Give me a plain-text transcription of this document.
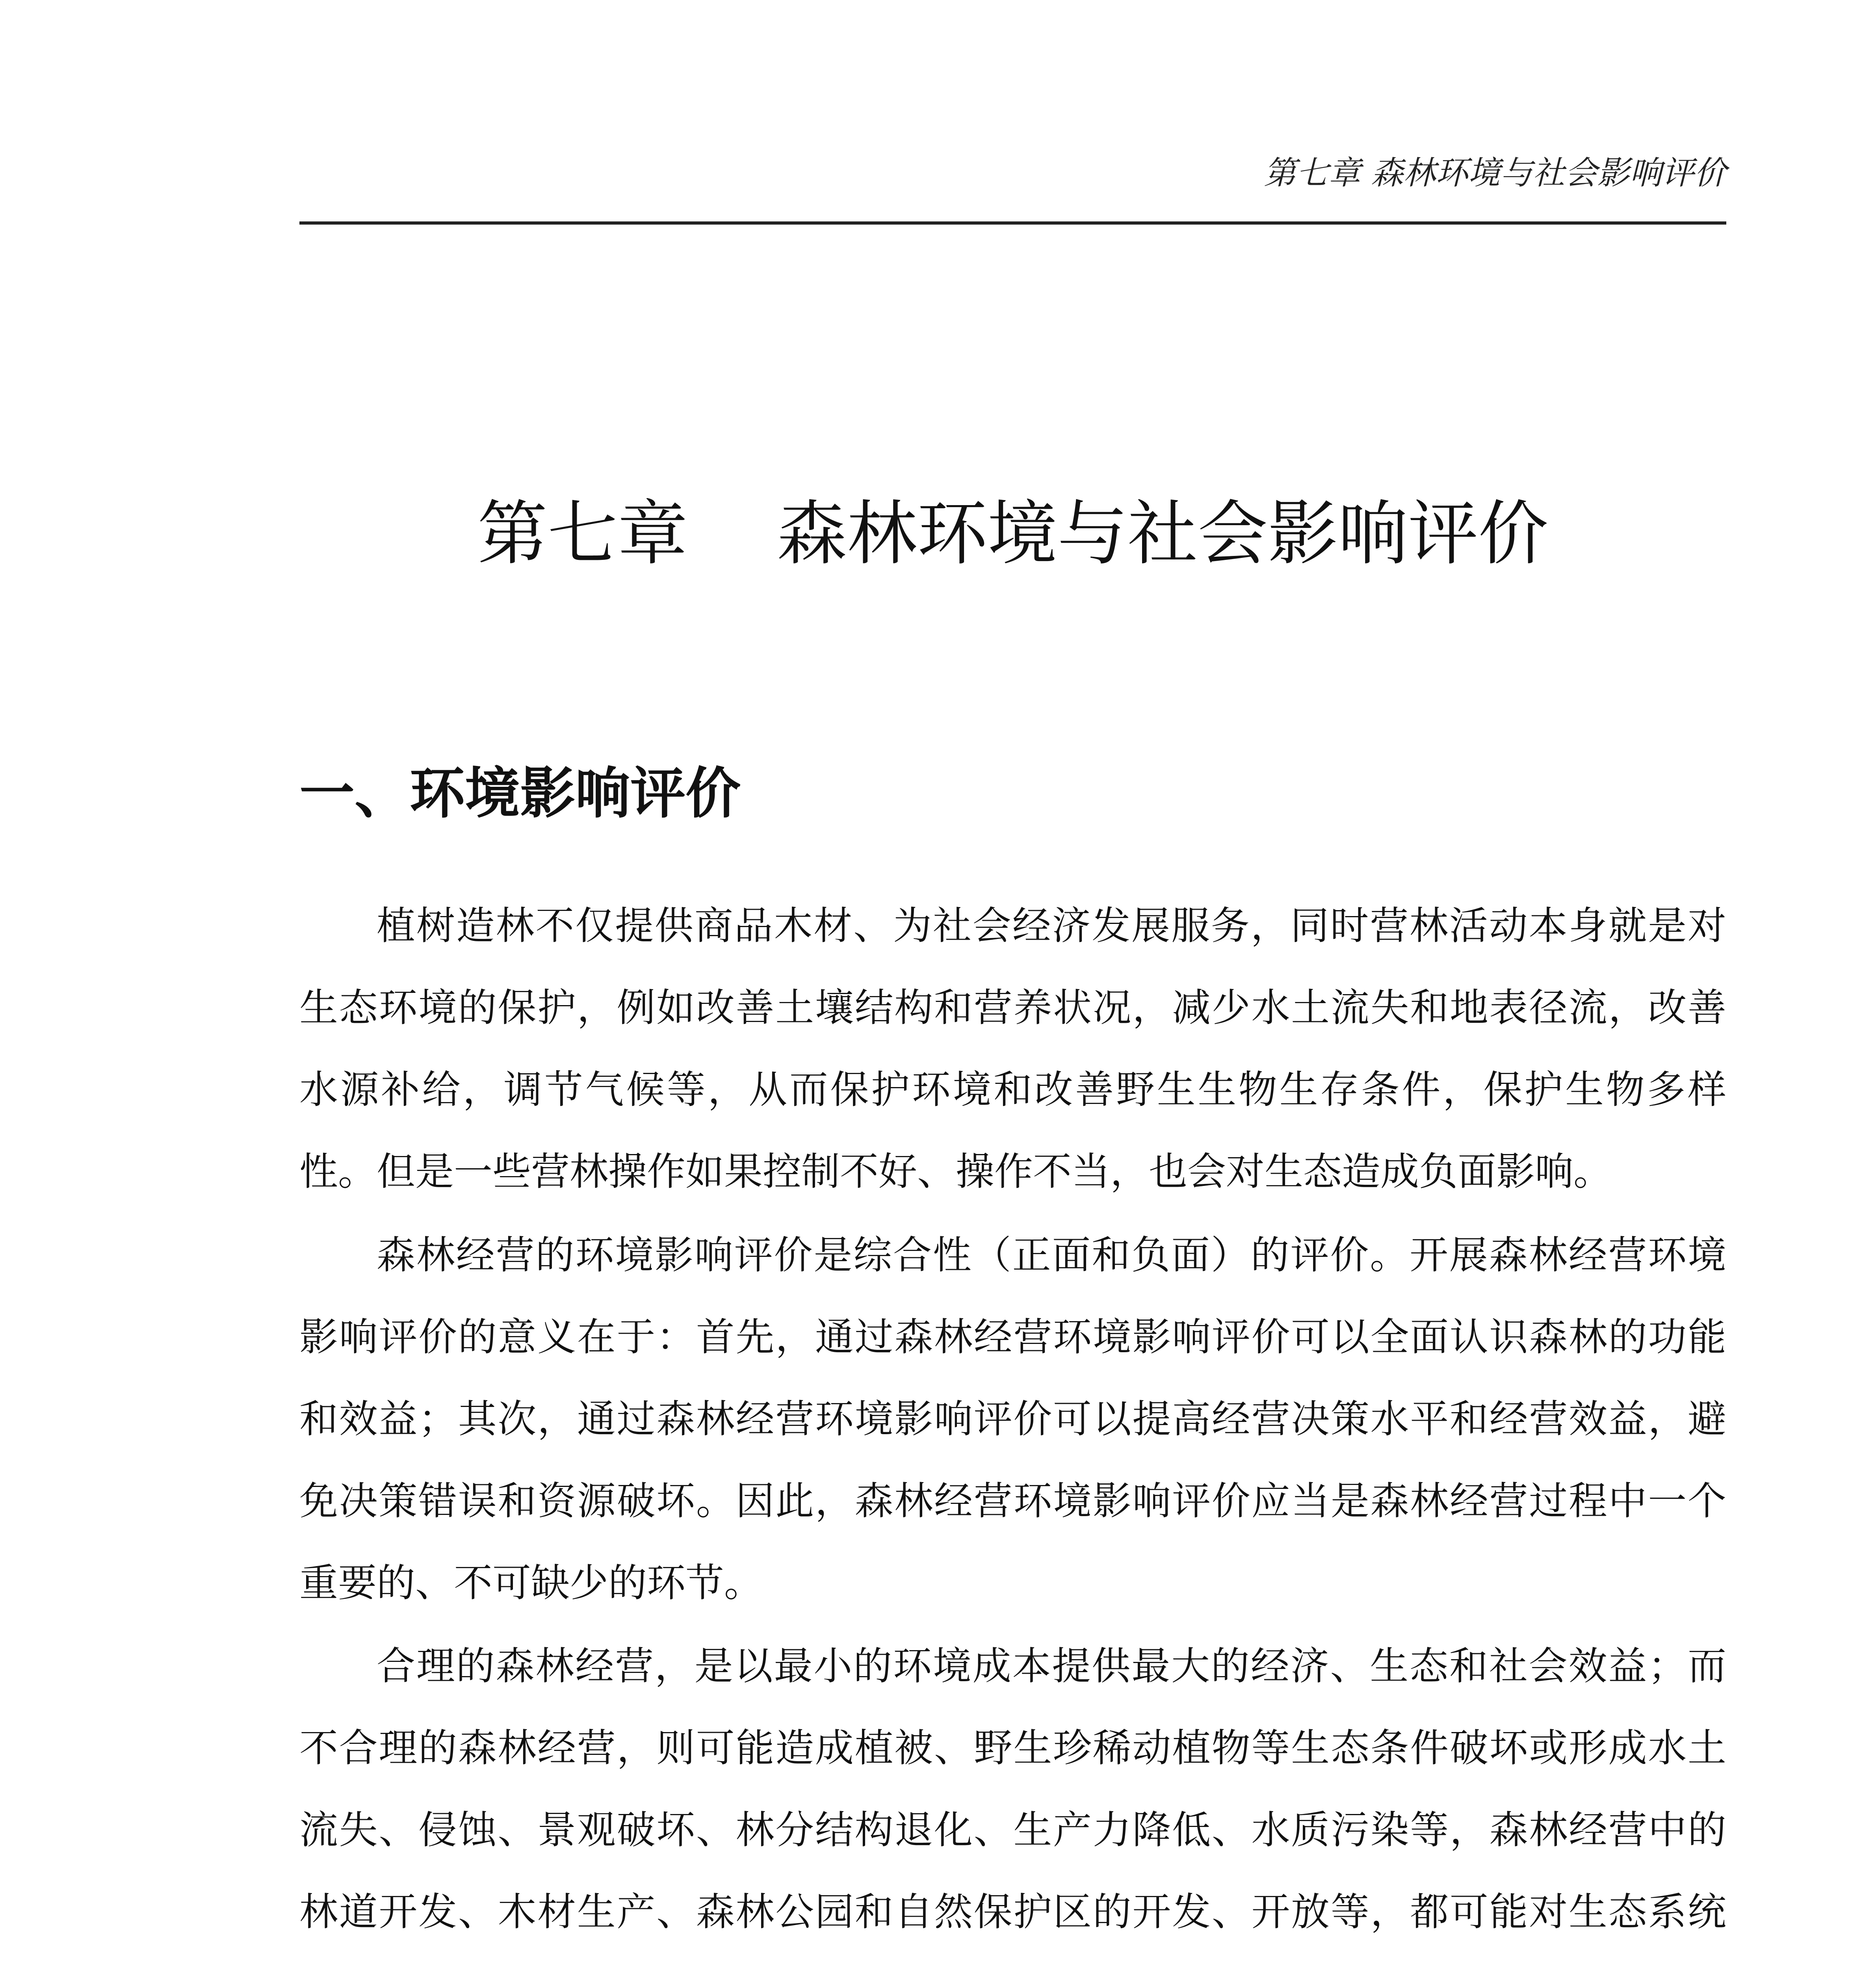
第七章 森林环境与社会影响评价
第七章    森林环境与社会影响评价
一、环境影响评价

植树造林不仅提供商品木材、为社会经济发展服务，同时营林活动本身就是对生态环境的保护，例如改善土壤结构和营养状况，减少水土流失和地表径流，改善水源补给，调节气候等，从而保护环境和改善野生生物生存条件，保护生物多样性。但是一些营林操作如果控制不好、操作不当，也会对生态造成负面影响。

森林经营的环境影响评价是综合性（正面和负面）的评价。开展森林经营环境影响评价的意义在于：首先，通过森林经营环境影响评价可以全面认识森林的功能和效益；其次，通过森林经营环境影响评价可以提高经营决策水平和经营效益，避免决策错误和资源破坏。因此，森林经营环境影响评价应当是森林经营过程中一个重要的、不可缺少的环节。

合理的森林经营，是以最小的环境成本提供最大的经济、生态和社会效益；而不合理的森林经营，则可能造成植被、野生珍稀动植物等生态条件破坏或形成水土流失、侵蚀、景观破坏、林分结构退化、生产力降低、水质污染等，森林经营中的林道开发、木材生产、森林公园和自然保护区的开发、开放等，都可能对生态系统
